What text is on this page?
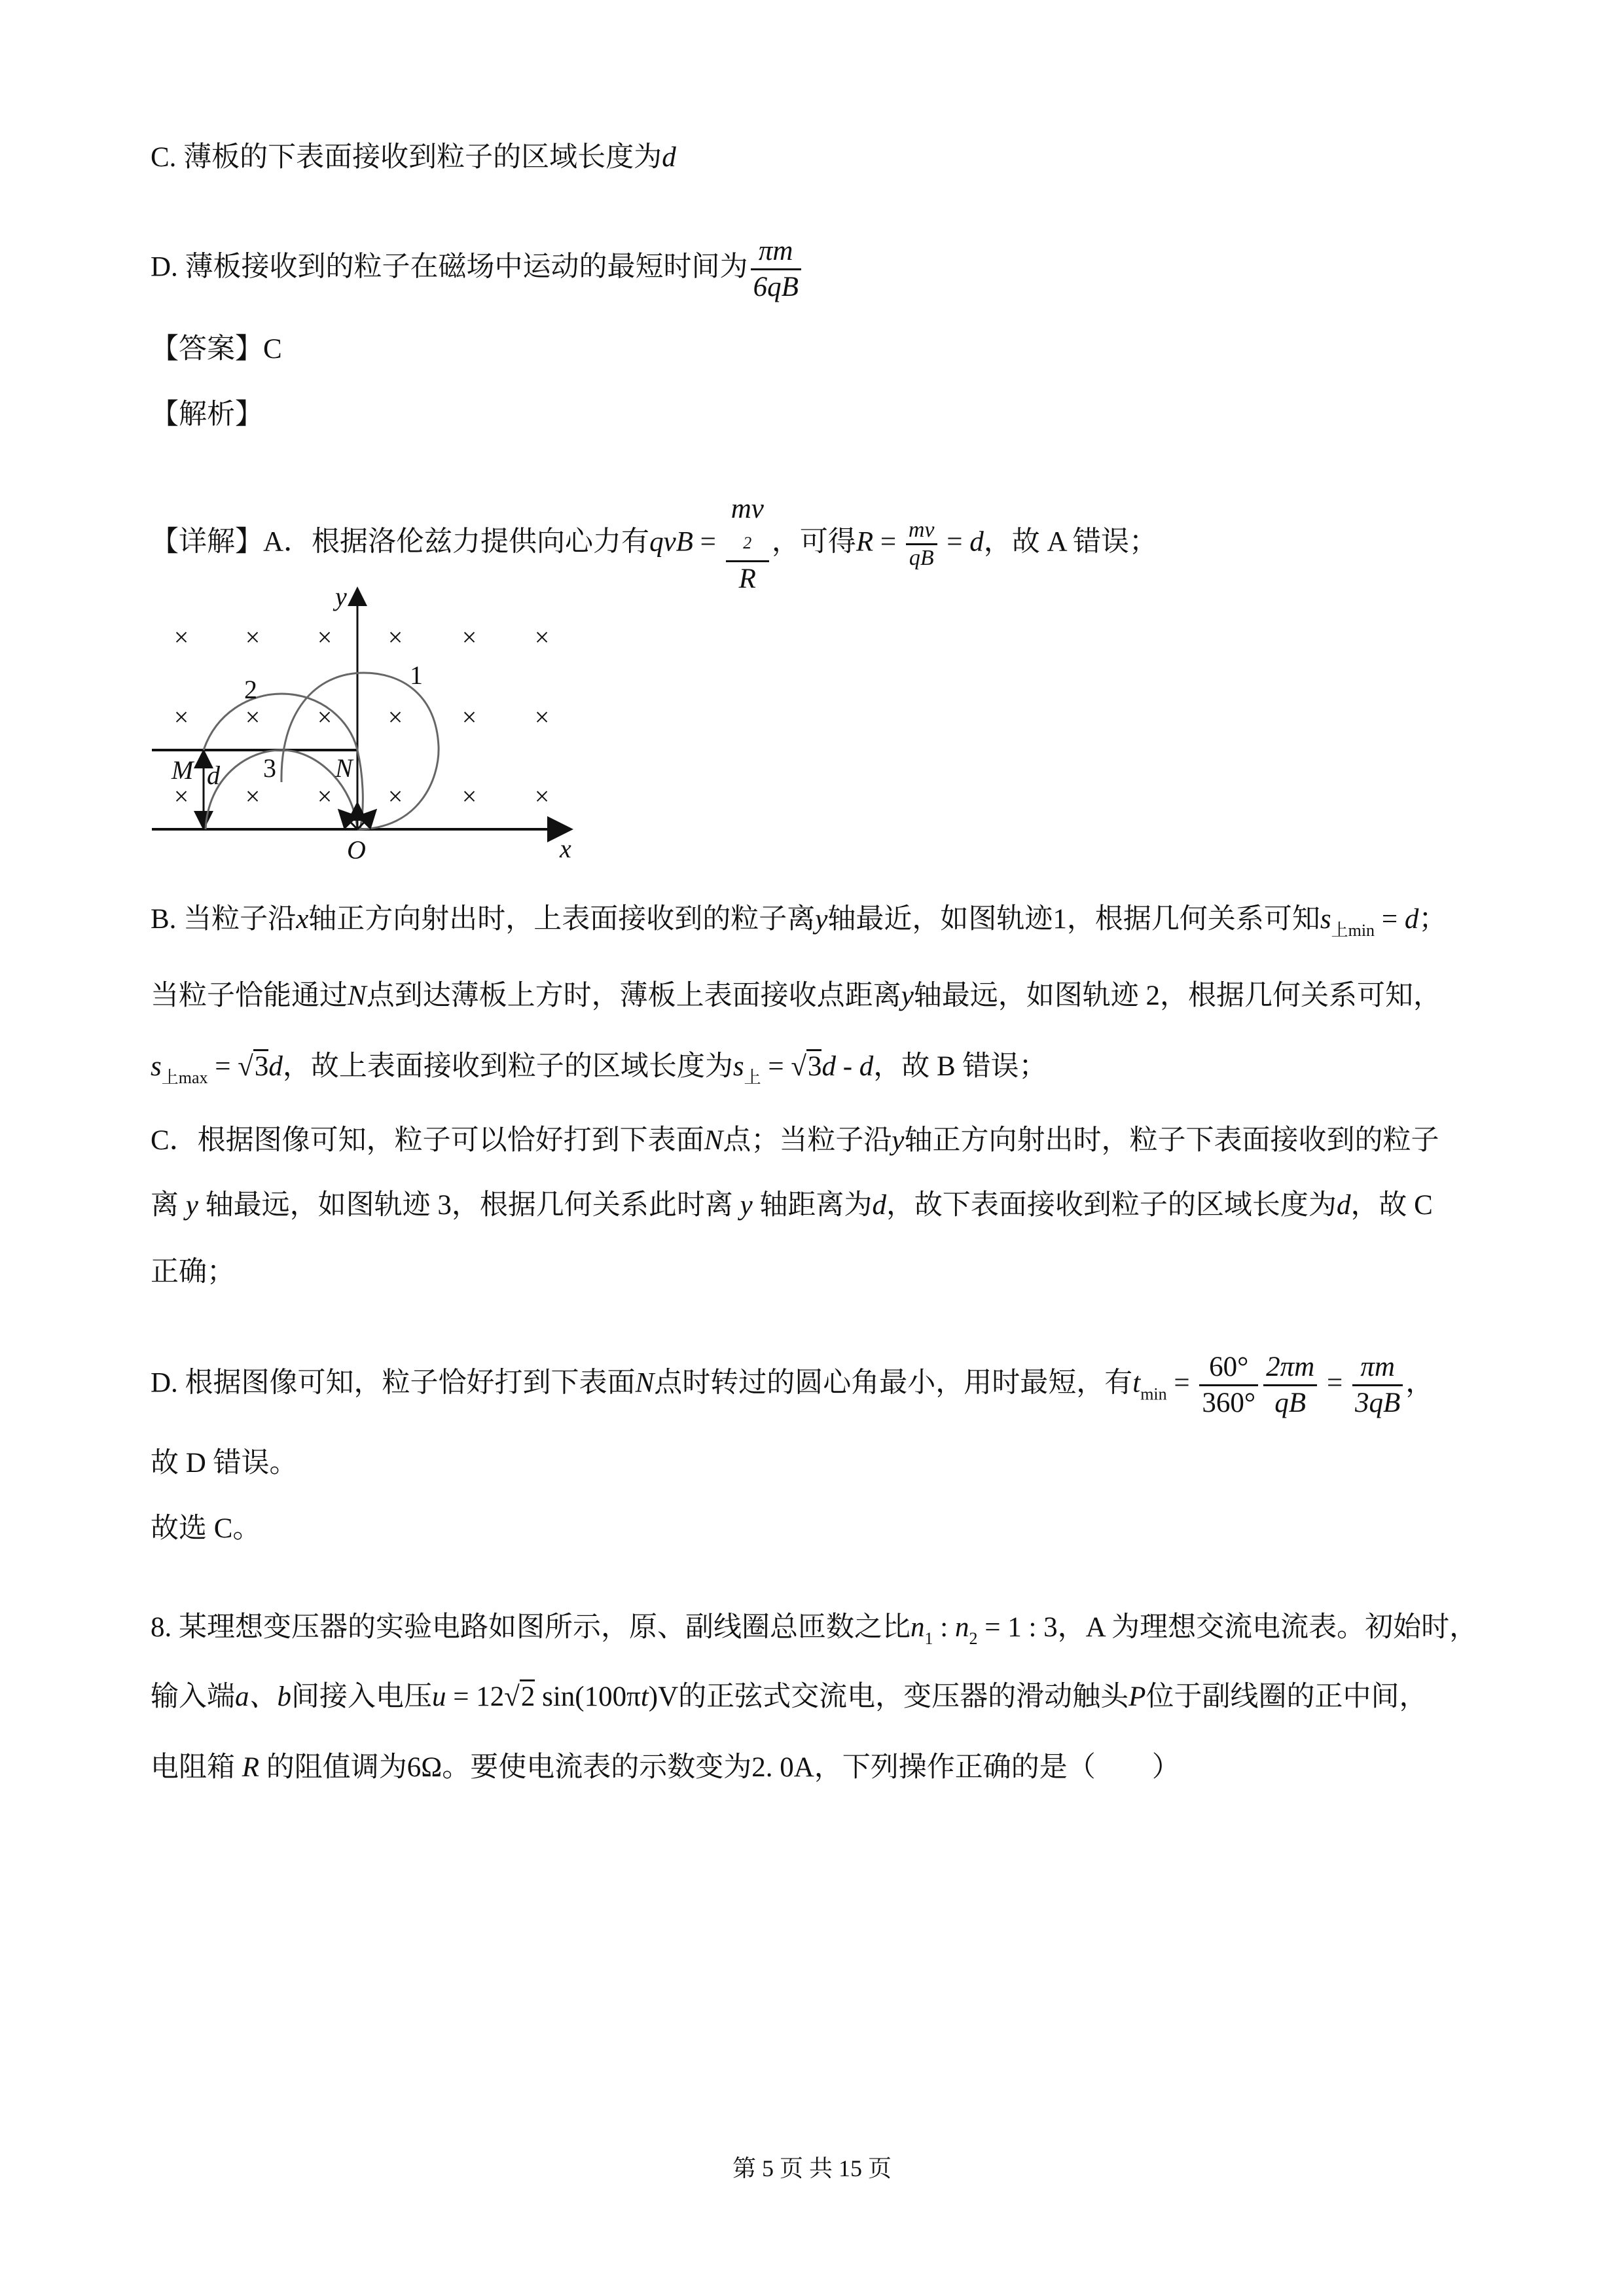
C. 薄板的下表面接收到粒子的区域长度为d
D. 薄板接收到的粒子在磁场中运动的最短时间为 $\frac{\pi m}{6qB}$
【答案】C
【解析】
【详解】A．根据洛伦兹力提供向心力有qvB = mv
2
R ，可得$R = \frac{mv}{qB} = d$，故 A 错误；
× × × × × ×
× × × × × ×
× × × × × ×
y
1
2
3
M d	N
O	x
B. 当粒子沿x轴正方向射出时，上表面接收到的粒子离y轴最近，如图轨迹1，根据几何关系可知$s_{上min} = d$；
当粒子恰能通过N点到达薄板上方时，薄板上表面接收点距离y轴最远，如图轨迹 2，根据几何关系可知，
$s_{上max} = √3d$，故上表面接收到粒子的区域长度为$s_上 = √3d - d$，故 B 错误；
C．根据图像可知，粒子可以恰好打到下表面N点；当粒子沿y轴正方向射出时，粒子下表面接收到的粒子
离 y 轴最远，如图轨迹 3，根据几何关系此时离 y 轴距离为d，故下表面接收到粒子的区域长度为d，故 C
正确；
D. 根据图像可知，粒子恰好打到下表面N点时转过的圆心角最小，用时最短，有$t_{min} = \frac{60^\circ}{360^\circ} \frac{2\pi m}{qB} = \frac{\pi m}{3qB}$ ，
故 D 错误。
故选 C。
8. 某理想变压器的实验电路如图所示，原、副线圈总匝数之比$n_1$ : $n_2 = 1$ : 3，A 为理想交流电流表。初始时，
输入端a、b间接入电压u = 12√2 sin(100πt)V的正弦式交流电，变压器的滑动触头P位于副线圈的正中间，
电阻箱 R 的阻值调为6Ω。要使电流表的示数变为2. 0A，下列操作正确的是（　　）
第 5 页 共 15 页
